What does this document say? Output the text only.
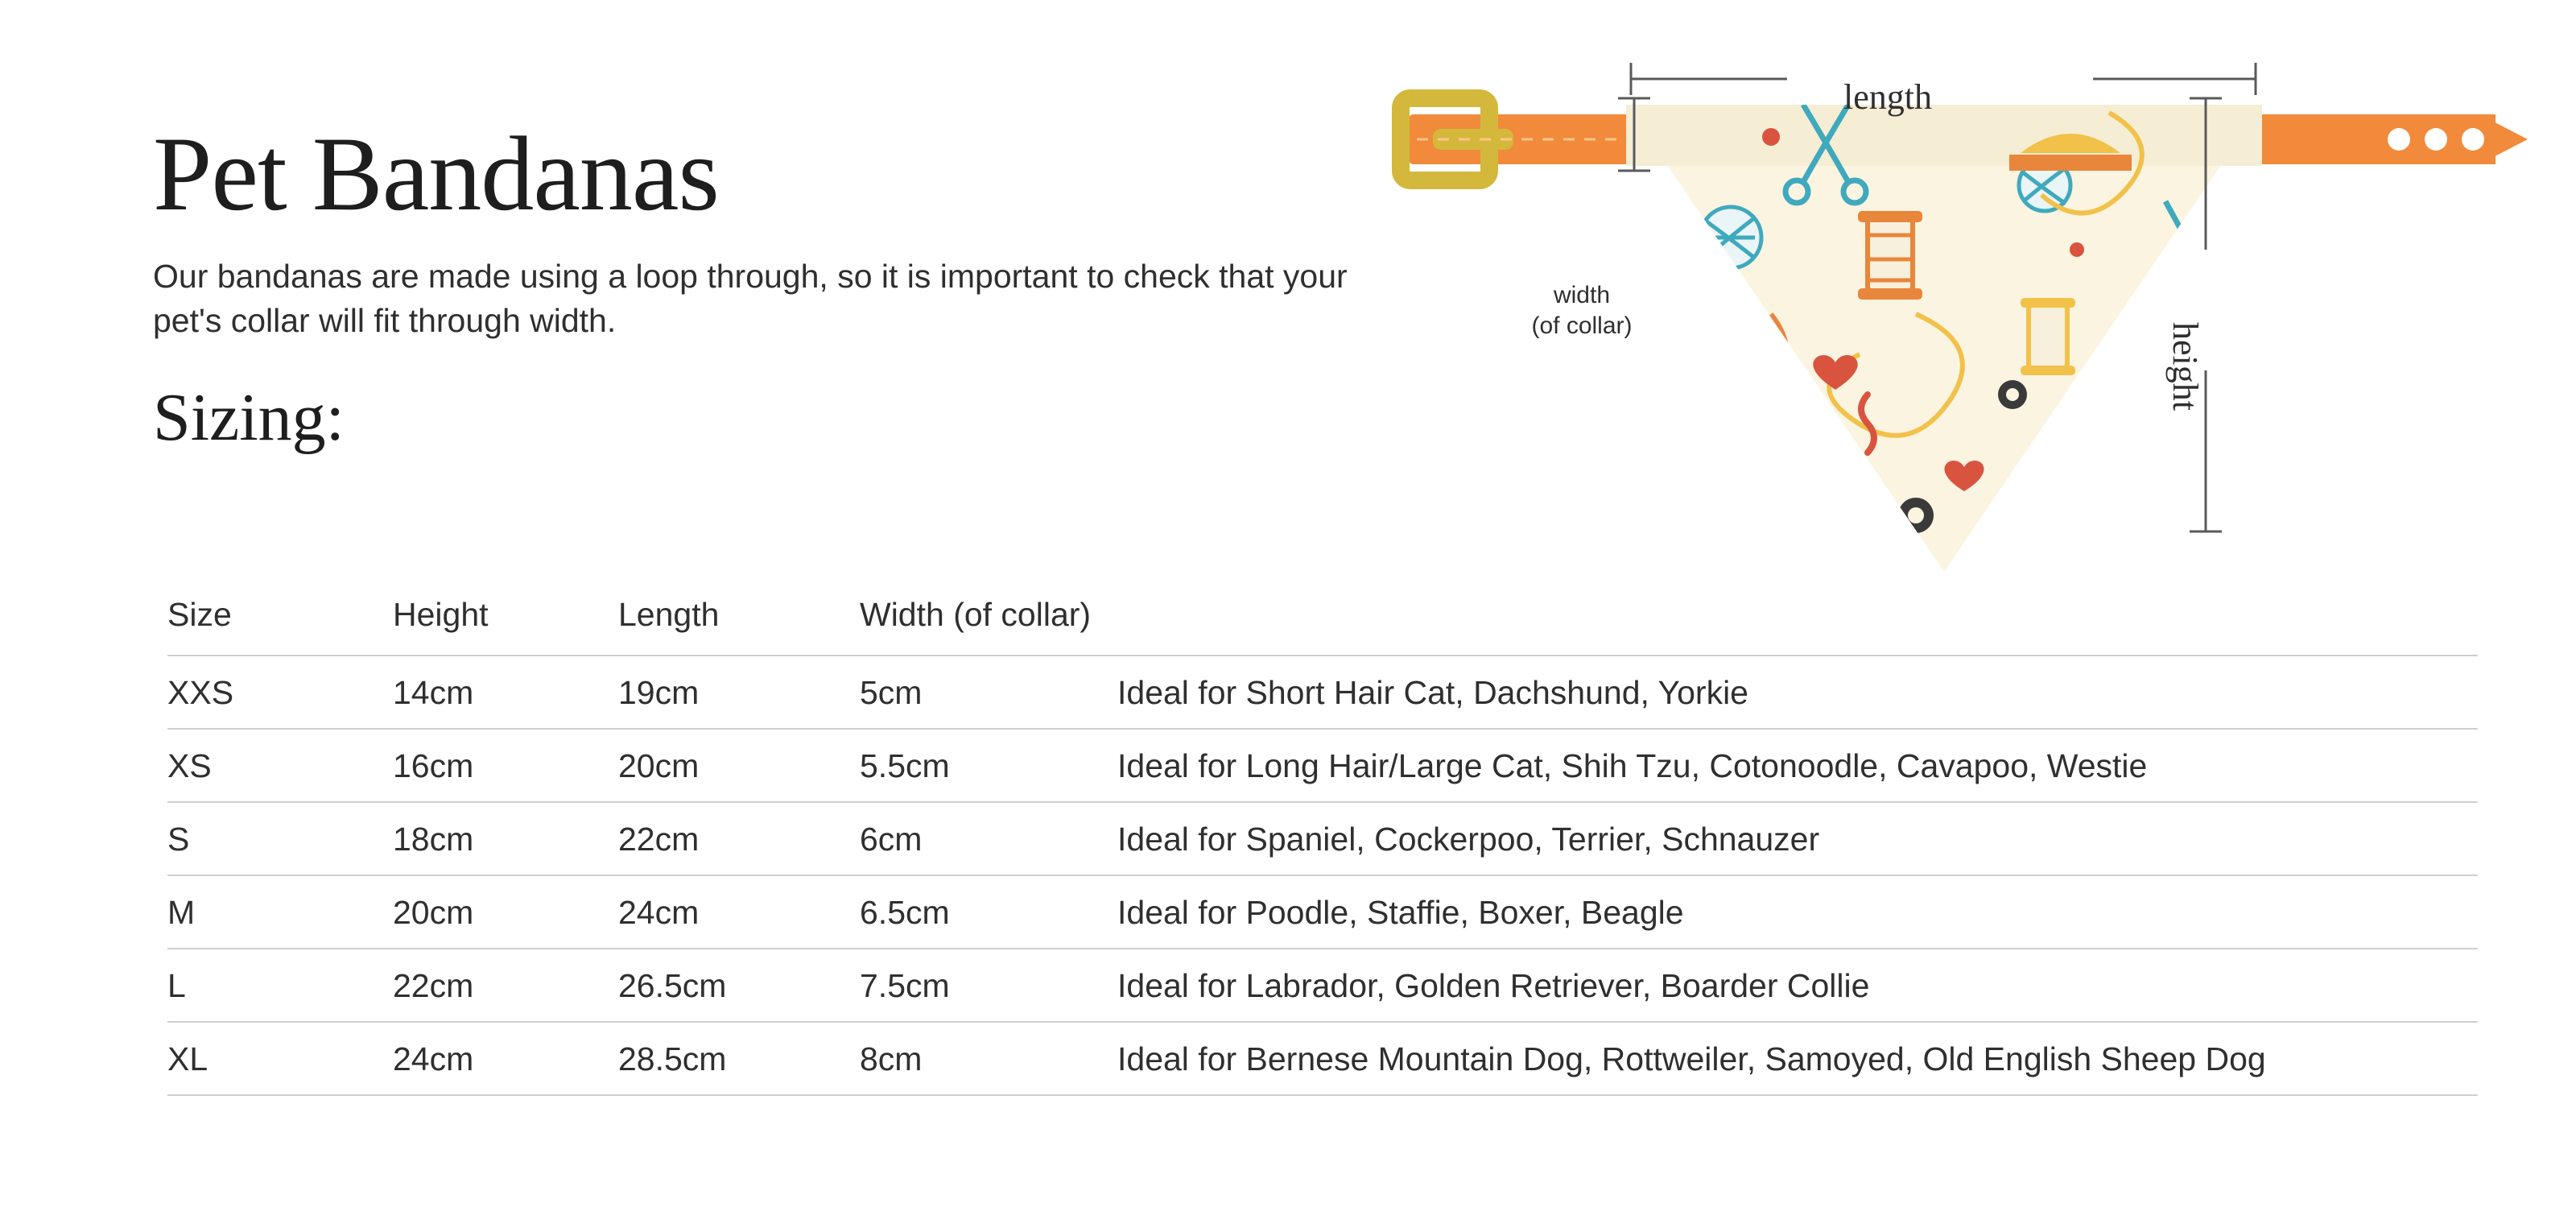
Pet Bandanas

Our bandanas are made using a loop through, so it is important to check that your pet's collar will fit through width.

Sizing:
length
width
(of collar)	height
Size	Height	Length	Width (of collar)	
XXS	14cm	19cm	5cm	Ideal for Short Hair Cat, Dachshund, Yorkie
XS	16cm	20cm	5.5cm	Ideal for Long Hair/Large Cat, Shih Tzu, Cotonoodle, Cavapoo, Westie
S	18cm	22cm	6cm	Ideal for Spaniel, Cockerpoo, Terrier, Schnauzer
M	20cm	24cm	6.5cm	Ideal for Poodle, Staffie, Boxer, Beagle
L	22cm	26.5cm	7.5cm	Ideal for Labrador, Golden Retriever, Boarder Collie
XL	24cm	28.5cm	8cm	Ideal for Bernese Mountain Dog, Rottweiler, Samoyed, Old English Sheep Dog
